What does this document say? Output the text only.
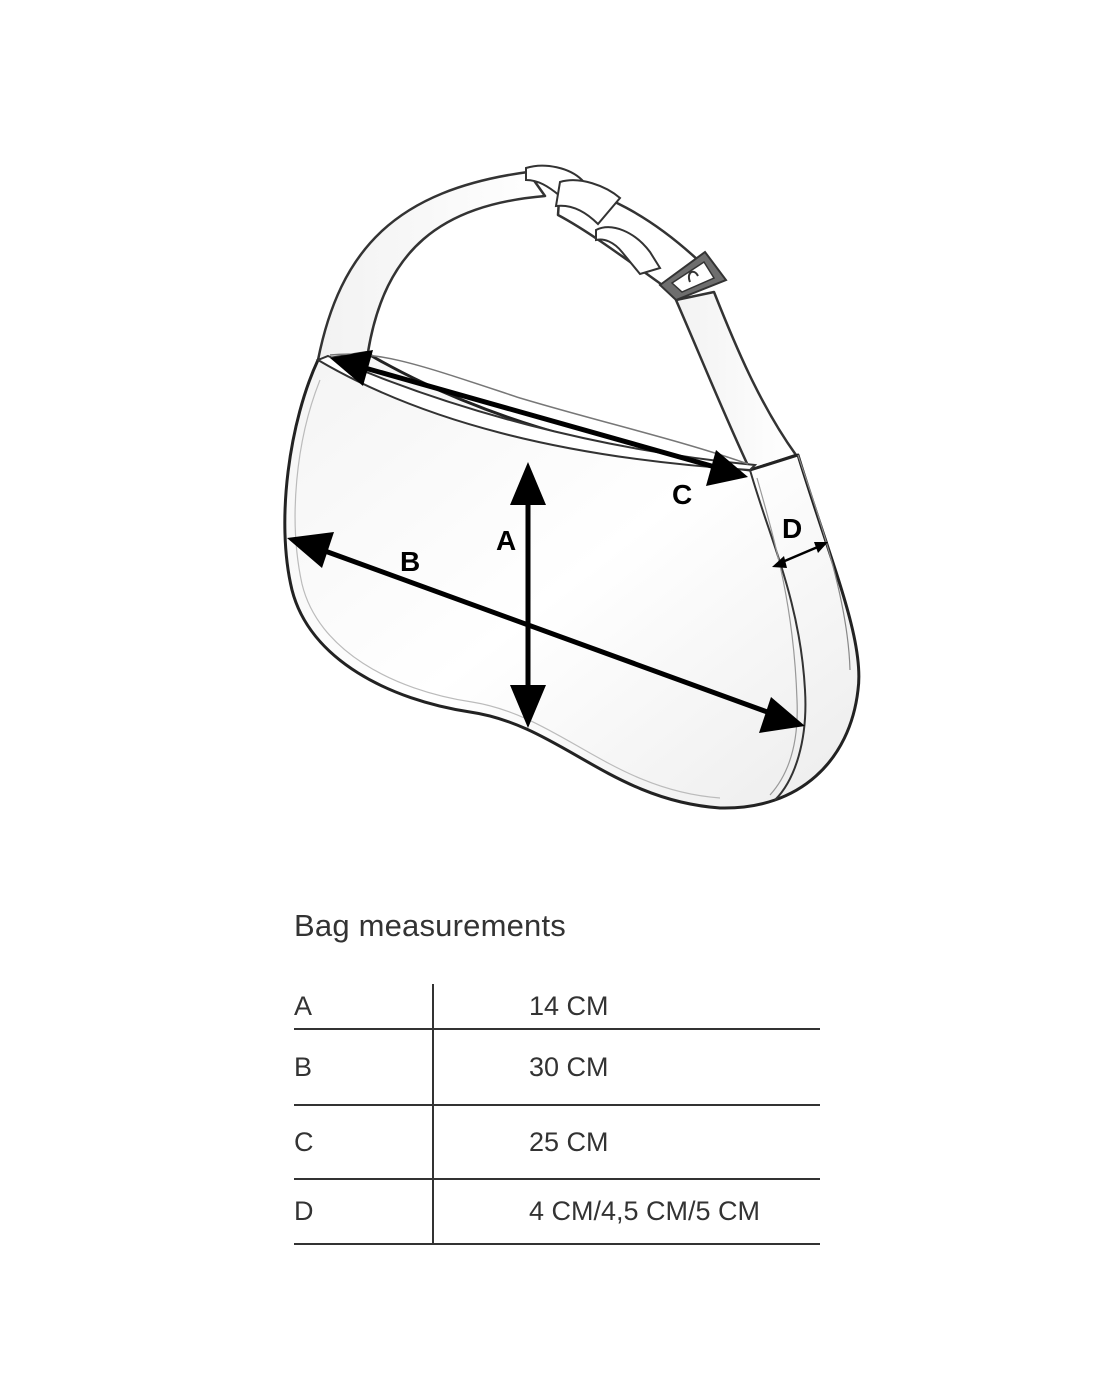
A
B
C
D
Bag measurements
A	14 CM
B	30 CM
C	25 CM
D	4 CM/4,5 CM/5 CM
